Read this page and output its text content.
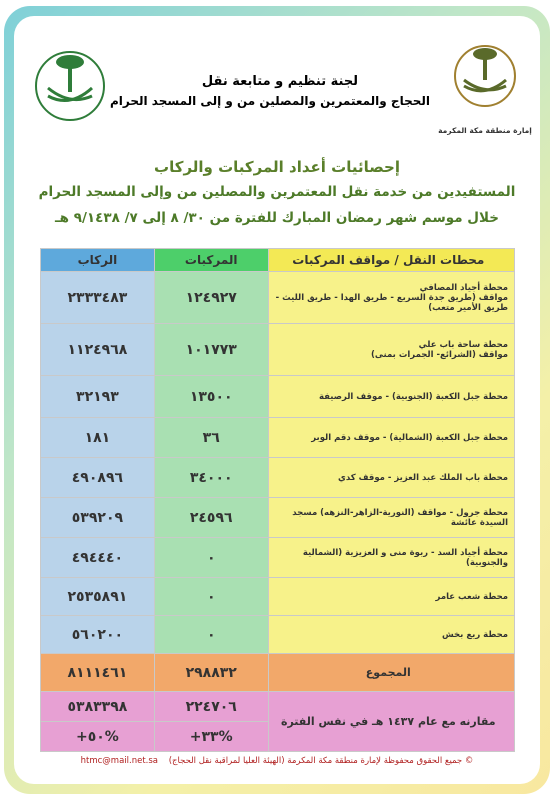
إمارة منطقة مكة المكرمة
لجنة تنظيم و متابعة نقل
الحجاج والمعتمرين والمصلين من و إلى المسجد الحرام
إحصائيات أعداد المركبات والركاب
المستفيدين من خدمة نقل المعتمرين والمصلين من وإلى المسجد الحرام
خلال موسم شهر رمضان المبارك للفترة من ٣٠/ ٨ إلى ٧/ ٩/١٤٣٨ هـ
محطات النقل / مواقف المركبات	المركبات	الركاب

محطة أجياد المصافي
مواقف (طريق جدة السريع - طريق الهدا - طريق الليث - طريق الأمير متعب)	١٢٤٩٢٧	٢٣٣٣٤٨٣

محطة ساحة باب علي
مواقف (الشرائع- الجمرات بمنى)	١٠١٧٧٣	١١٢٤٩٦٨
محطة جبل الكعبة (الجنوبية) - موقف الرصيفة	١٣٥٠٠	٣٢١٩٣
محطة جبل الكعبة (الشمالية) - موقف دقم الوبر	٣٦	١٨١
محطة باب الملك عبد العزيز - موقف كدي	٣٤٠٠٠	٤٩٠٨٩٦
محطة جرول - مواقف (النورية-الزاهر-النزهه) مسجد السيدة عائشة	٢٤٥٩٦	٥٣٩٢٠٩
محطة أجياد السد - ربوة منى و العزيزية (الشمالية والجنوبية)	٠	٤٩٤٤٤٠
محطة شعب عامر	٠	٢٥٣٥٨٩١
محطة ريع بخش	٠	٥٦٠٢٠٠
المجموع	٢٩٨٨٣٢	٨١١١٤٦١
مقارنه مع عام ١٤٣٧ هـ في نفس الفترة	٢٢٤٧٠٦	٥٣٨٣٣٩٨
	%٣٣+	%٥٠+
© جميع الحقوق محفوظة لإمارة منطقة مكة المكرمة (الهيئة العليا لمراقبة نقل الحجاج) htmc@mail.net.sa
